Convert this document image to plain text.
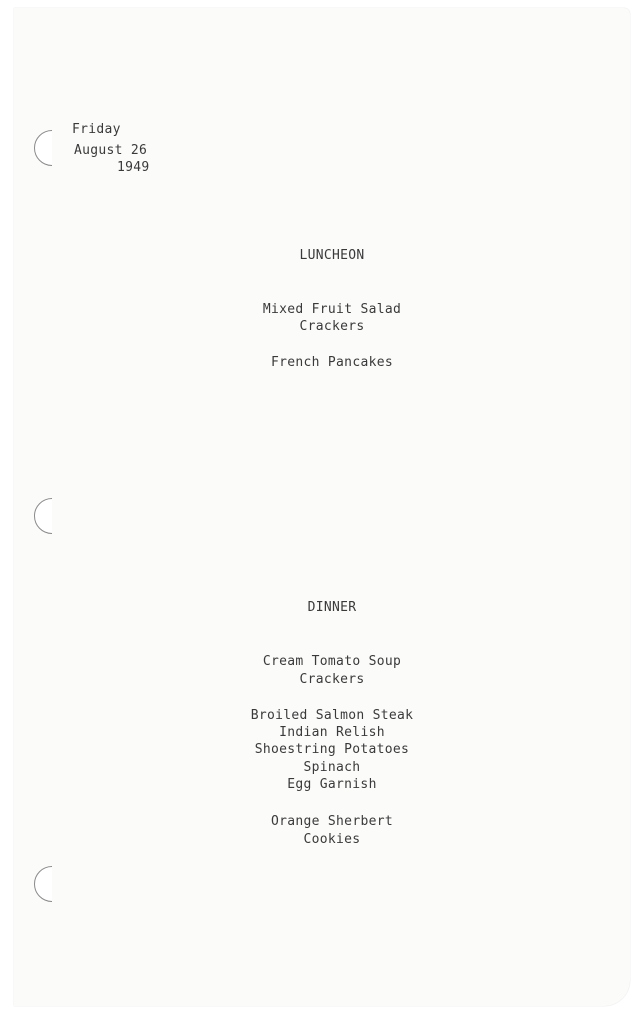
Friday
August 26
1949
LUNCHEON
Mixed Fruit Salad
Crackers
French Pancakes
DINNER
Cream Tomato Soup
Crackers
Broiled Salmon Steak
Indian Relish
Shoestring Potatoes
Spinach
Egg Garnish
Orange Sherbert
Cookies
